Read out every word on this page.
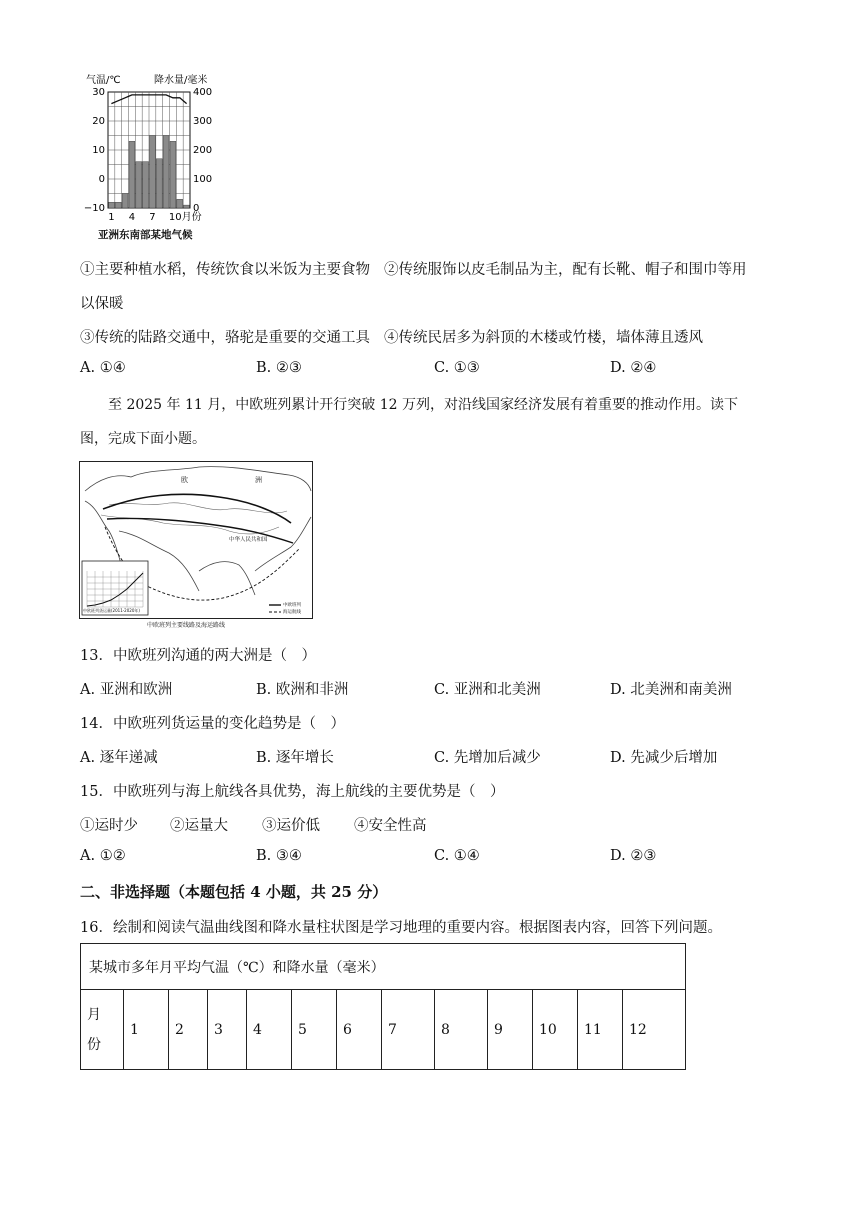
气温/℃	降水量/毫米
30
20
10
0
−10
400
300
200
100
0
1 4 7 10月份
亚洲东南部某地气候
①主要种植水稻，传统饮食以米饭为主要食物 ②传统服饰以皮毛制品为主，配有长靴、帽子和围巾等用
以保暖
③传统的陆路交通中，骆驼是重要的交通工具 ④传统民居多为斜顶的木楼或竹楼，墙体薄且透风
A. ①④	B. ②③	C. ①③	D. ②④
至 2025 年 11 月，中欧班列累计开行突破 12 万列，对沿线国家经济发展有着重要的推动作用。读下
图，完成下面小题。
欧	洲
中华人民共和国
中欧班列货运量(2011-2020年)
中欧班列
海运航线
中欧班列主要线路及海运路线
13．中欧班列沟通的两大洲是（　）
A. 亚洲和欧洲	B. 欧洲和非洲	C. 亚洲和北美洲	D. 北美洲和南美洲
14．中欧班列货运量的变化趋势是（　）
A. 逐年递减	B. 逐年增长	C. 先增加后减少	D. 先减少后增加
15．中欧班列与海上航线各具优势，海上航线的主要优势是（　）
①运时少 ②运量大 ③运价低 ④安全性高
A. ①②	B. ③④	C. ①④	D. ②③
二、非选择题（本题包括 4 小题，共 25 分）
16．绘制和阅读气温曲线图和降水量柱状图是学习地理的重要内容。根据图表内容，回答下列问题。
某城市多年月平均气温（℃）和降水量（毫米）

月
份
	1	2	3	4	5	6	7	8	9	10	11	12
